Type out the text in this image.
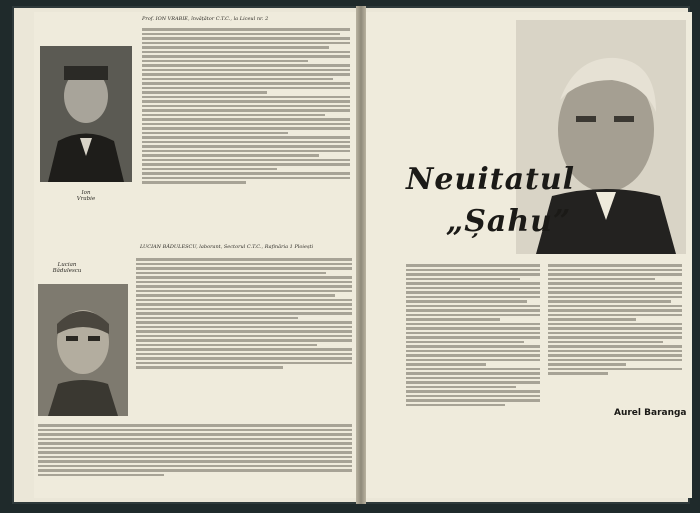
Prof. ION VRABIE, învățător C.T.C., la Liceul nr. 2
Ion
Vrabie
LUCIAN BĂDULESCU, laborant, Sectorul C.T.C., Rafinăria 1 Ploiești
Lucian
Bădulescu
Neuitatul
„Șahu”
Aurel Baranga
